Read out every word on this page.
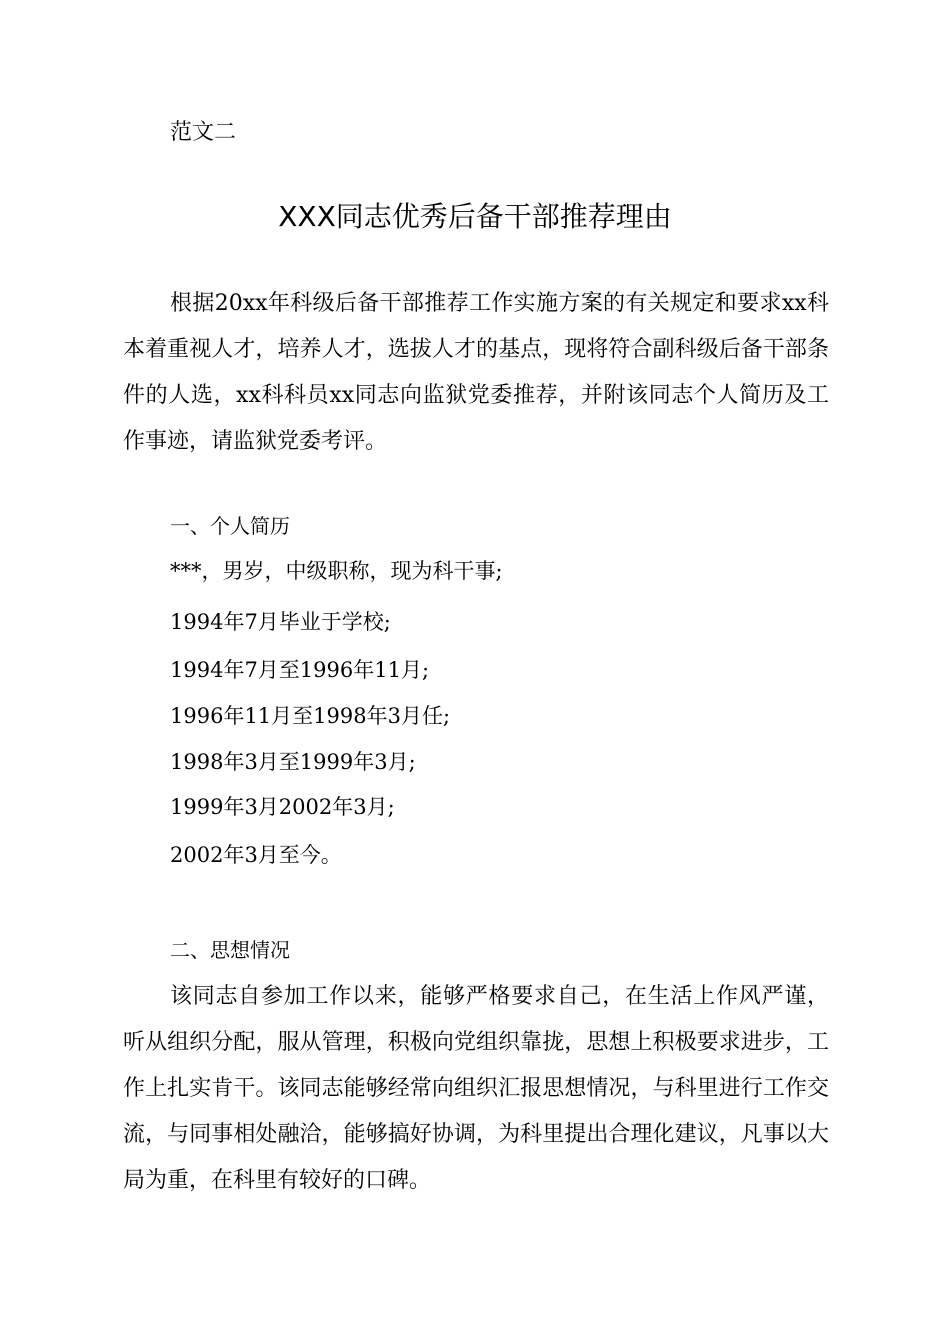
范文二
XXX同志优秀后备干部推荐理由

根据20xx年科级后备干部推荐工作实施方案的有关规定和要求xx科本着重视人才，培养人才，选拔人才的基点，现将符合副科级后备干部条件的人选，xx科科员xx同志向监狱党委推荐，并附该同志个人简历及工作事迹，请监狱党委考评。

一、个人简历
***，男岁，中级职称，现为科干事;
1994年7月毕业于学校;
1994年7月至1996年11月;
1996年11月至1998年3月任;
1998年3月至1999年3月;
1999年3月2002年3月;
2002年3月至今。
二、思想情况

该同志自参加工作以来，能够严格要求自己，在生活上作风严谨，听从组织分配，服从管理，积极向党组织靠拢，思想上积极要求进步，工作上扎实肯干。该同志能够经常向组织汇报思想情况，与科里进行工作交流，与同事相处融洽，能够搞好协调，为科里提出合理化建议，凡事以大局为重，在科里有较好的口碑。
